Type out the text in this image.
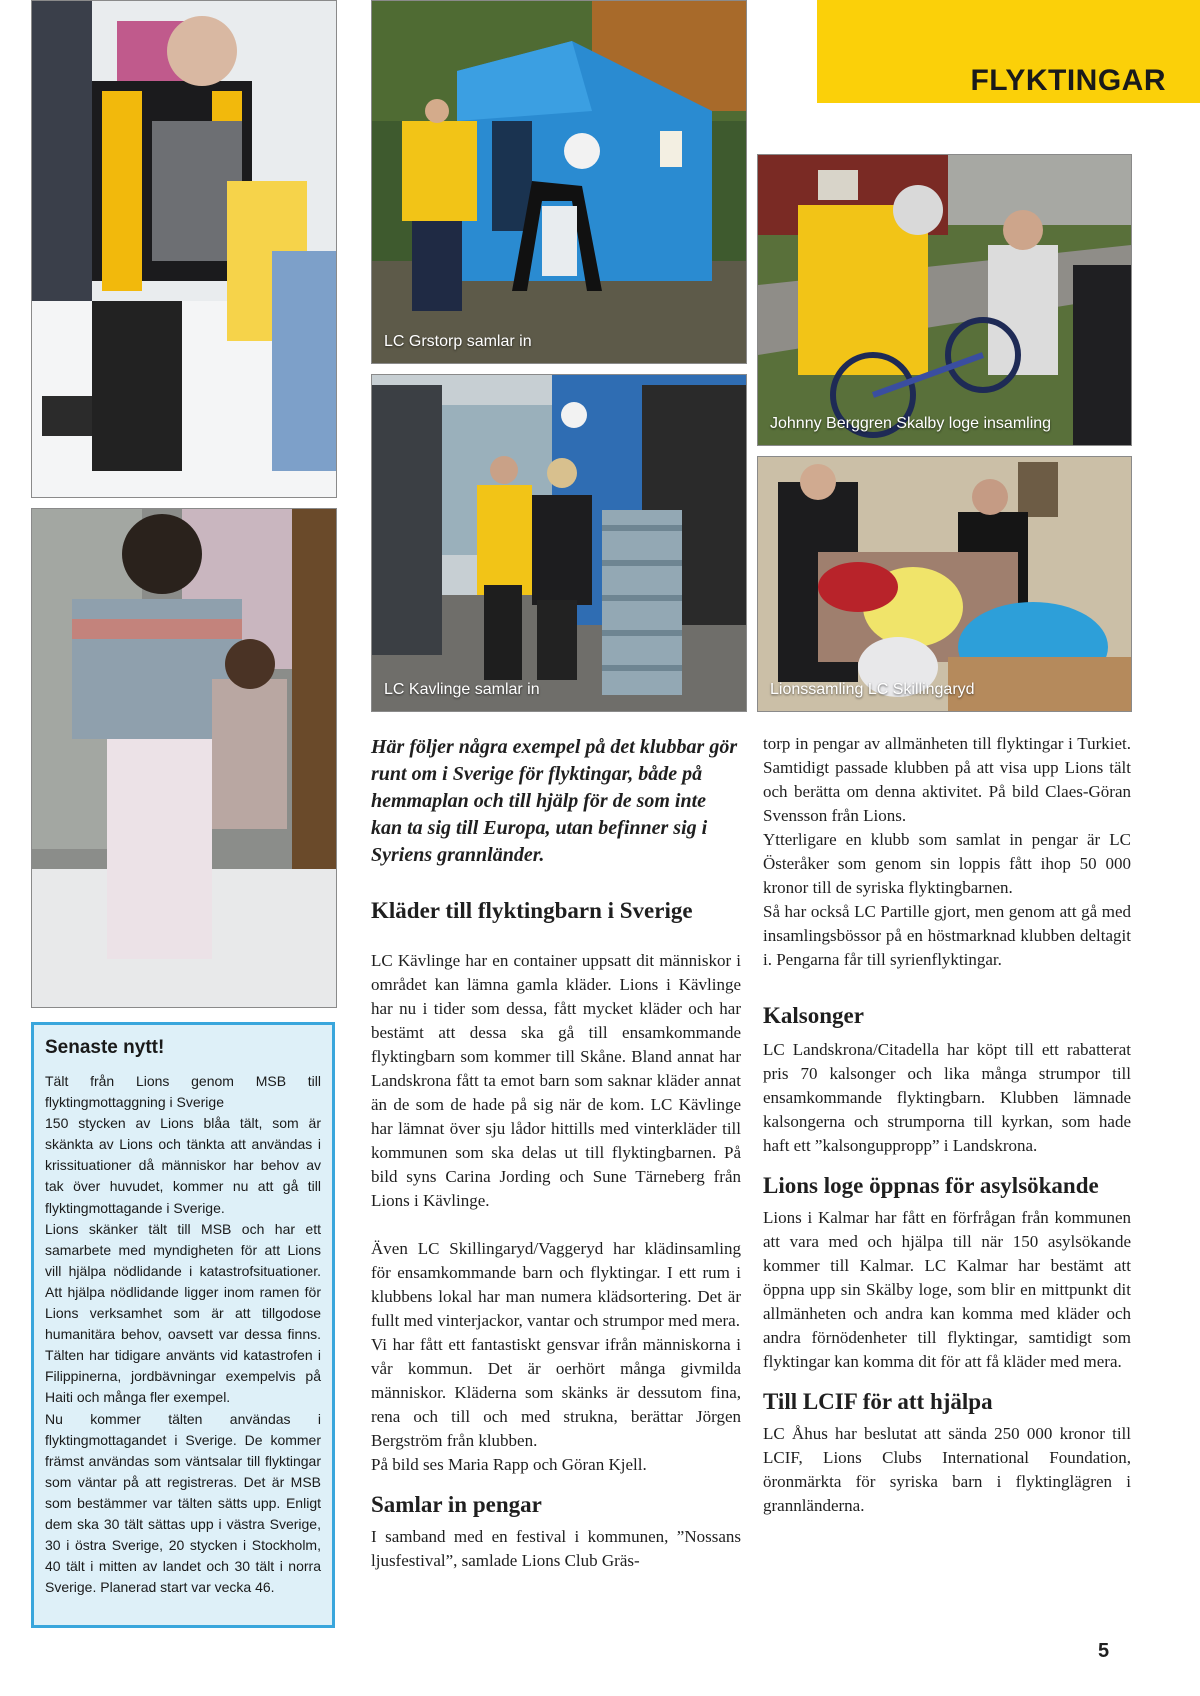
FLYKTINGAR
LC Grstorp samlar in
LC Kavlinge samlar in
Johnny Berggren Skalby loge insamling
Lionssamling LC Skillingaryd

Här följer några exempel på det klubbar gör runt om i Sverige för flyktingar, både på hemmaplan och till hjälp för de som inte kan ta sig till Europa, utan befinner sig i Syriens grannländer.

Kläder till flyktingbarn i Sverige

LC Kävlinge har en container uppsatt dit människor i området kan lämna gamla kläder. Lions i Kävlinge har nu i tider som dessa, fått mycket kläder och har bestämt att dessa ska gå till ensamkommande flyktingbarn som kommer till Skåne. Bland annat har Landskrona fått ta emot barn som saknar kläder annat än de som de hade på sig när de kom. LC Kävlinge har lämnat över sju lådor hittills med vinterkläder till kommunen som ska delas ut till flyktingbarnen. På bild syns Carina Jording och Sune Tärneberg från Lions i Kävlinge.

Även LC Skillingaryd/Vaggeryd har klädinsamling för ensamkommande barn och flyktingar. I ett rum i klubbens lokal har man numera klädsortering. Det är fullt med vinterjackor, vantar och strumpor med mera.

Vi har fått ett fantastiskt gensvar ifrån människorna i vår kommun. Det är oerhört många givmilda människor. Kläderna som skänks är dessutom fina, rena och till och med strukna, berättar Jörgen Bergström från klubben.

På bild ses Maria Rapp och Göran Kjell.

Samlar in pengar

I samband med en festival i kommunen, ”Nossans ljusfestival”, samlade Lions Club Gräs-

torp in pengar av allmänheten till flyktingar i Turkiet. Samtidigt passade klubben på att visa upp Lions tält och berätta om denna aktivitet. På bild Claes-Göran Svensson från Lions.

Ytterligare en klubb som samlat in pengar är LC Österåker som genom sin loppis fått ihop 50 000 kronor till de syriska flyktingbarnen.

Så har också LC Partille gjort, men genom att gå med insamlingsbössor på en höstmarknad klubben deltagit i. Pengarna får till syrienflyktingar.

Kalsonger

LC Landskrona/Citadella har köpt till ett rabatterat pris 70 kalsonger och lika många strumpor till ensamkommande flyktingbarn. Klubben lämnade kalsongerna och strumporna till kyrkan, som hade haft ett ”kalsonguppropp” i Landskrona.

Lions loge öppnas för asylsökande

Lions i Kalmar har fått en förfrågan från kommunen att vara med och hjälpa till när 150 asylsökande kommer till Kalmar. LC Kalmar har bestämt att öppna upp sin Skälby loge, som blir en mittpunkt dit allmänheten och andra kan komma med kläder och andra förnödenheter till flyktingar, samtidigt som flyktingar kan komma dit för att få kläder med mera.

Till LCIF för att hjälpa

LC Åhus har beslutat att sända 250 000 kronor till LCIF, Lions Clubs International Foundation, öronmärkta för syriska barn i flyktinglägren i grannländerna.

Senaste nytt!

Tält från Lions genom MSB till flyktingmottaggning i Sverige

150 stycken av Lions blåa tält, som är skänkta av Lions och tänkta att användas i krissituationer då människor har behov av tak över huvudet, kommer nu att gå till flyktingmottagande i Sverige.

Lions skänker tält till MSB och har ett samarbete med myndigheten för att Lions vill hjälpa nödlidande i katastrofsituationer. Att hjälpa nödlidande ligger inom ramen för Lions verksamhet som är att tillgodose humanitära behov, oavsett var dessa finns. Tälten har tidigare använts vid katastrofen i Filippinerna, jordbävningar exempelvis på Haiti och många fler exempel.

Nu kommer tälten användas i flyktingmottagandet i Sverige. De kommer främst användas som väntsalar till flyktingar som väntar på att registreras. Det är MSB som bestämmer var tälten sätts upp. Enligt dem ska 30 tält sättas upp i västra Sverige, 30 i östra Sverige, 20 stycken i Stockholm, 40 tält i mitten av landet och 30 tält i norra Sverige. Planerad start var vecka 46.

5
